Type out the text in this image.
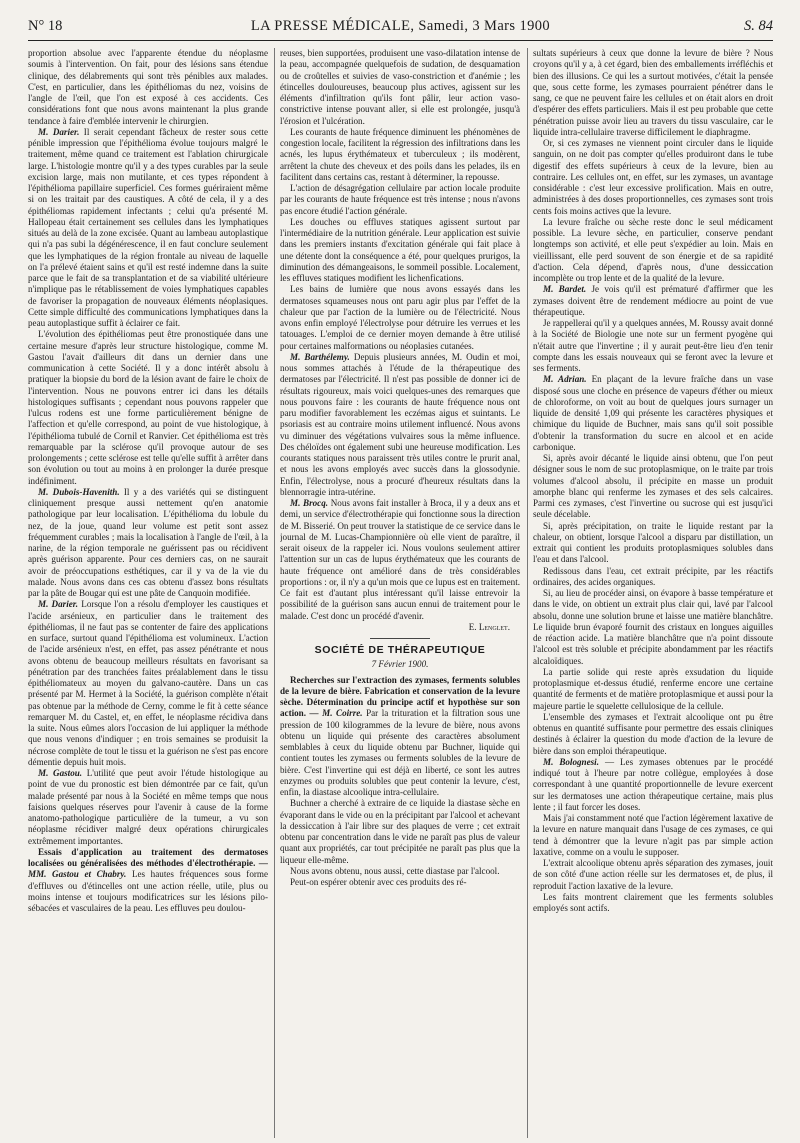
N° 18	LA PRESSE MÉDICALE, Samedi, 3 Mars 1900	S. 84

proportion absolue avec l'apparente étendue du néoplasme soumis à l'intervention. On fait, pour des lésions sans étendue clinique, des délabrements qui sont très pénibles aux malades. C'est, en particulier, dans les épithéliomas du nez, voisins de l'angle de l'œil, que l'on est exposé à ces accidents. Ces considérations font que nous avons maintenant la plus grande tendance à faire d'emblée intervenir le chirurgien.

M. Darier. Il serait cependant fâcheux de rester sous cette pénible impression que l'épithélioma évolue toujours malgré le traitement, même quand ce traitement est l'ablation chirurgicale large. L'histologie montre qu'il y a des types curables par la seule excision large, mais non mutilante, et ces types répondent à l'épithélioma papillaire superficiel. Ces formes guériraient même si on les traitait par des caustiques. A côté de cela, il y a des épithéliomas rapidement infectants ; celui qu'a présenté M. Hallopeau était certainement ses cellules dans les lymphatiques situés au delà de la zone excisée. Quant au lambeau autoplastique qui n'a pas subi la dégénérescence, il en faut conclure seulement que les lymphatiques de la région frontale au niveau de laquelle on l'a prélevé étaient sains et qu'il est resté indemne dans la suite parce que le fait de sa transplantation et de sa viabilité ultérieure n'implique pas le rétablissement de voies lymphatiques capables de favoriser la propagation de nouveaux éléments néoplasiques. Cette simple difficulté des communications lymphatiques dans la peau autoplastique suffit à éclairer ce fait.

L'évolution des épithéliomas peut être pronostiquée dans une certaine mesure d'après leur structure histologique, comme M. Gastou l'avait d'ailleurs dit dans un dernier dans une communication à cette Société. Il y a donc intérêt absolu à pratiquer la biopsie du bord de la lésion avant de faire le choix de l'intervention. Nous ne pouvons entrer ici dans les détails histologiques suffisants ; cependant nous pouvons rappeler que l'ulcus rodens est une forme particulièrement bénigne de l'affection et qu'elle correspond, au point de vue histologique, à l'épithélioma tubulé de Cornil et Ranvier. Cet épithélioma est très remarquable par la sclérose qu'il provoque autour de ses prolongements ; cette sclérose est telle qu'elle suffit à arrêter dans son évolution ou tout au moins à en prolonger la durée presque indéfiniment.

M. Dubois-Havenith. Il y a des variétés qui se distinguent cliniquement presque aussi nettement qu'en anatomie pathologique par leur localisation. L'épithélioma du lobule du nez, de la joue, quand leur volume est petit sont assez fréquemment curables ; mais la localisation à l'angle de l'œil, à la narine, de la région temporale ne guérissent pas ou récidivent après guérison apparente. Pour ces derniers cas, on ne saurait avoir de préoccupations esthétiques, car il y va de la vie du malade. Nous avons dans ces cas obtenu d'assez bons résultats par la pâte de Bougar qui est une pâte de Canquoin modifiée.

M. Darier. Lorsque l'on a résolu d'employer les caustiques et l'acide arsénieux, en particulier dans le traitement des épithéliomas, il ne faut pas se contenter de faire des applications en surface, surtout quand l'épithélioma est volumineux. L'action de l'acide arsénieux n'est, en effet, pas assez pénétrante et nous avons obtenu de beaucoup meilleurs résultats en favorisant sa pénétration par des tranchées faites préalablement dans le tissu épithéliomateux au moyen du galvano-cautère. Dans un cas présenté par M. Hermet à la Société, la guérison complète n'était pas obtenue par la méthode de Cerny, comme le fit à cette séance remarquer M. du Castel, et, en effet, le néoplasme récidiva dans la suite. Nous eûmes alors l'occasion de lui appliquer la méthode que nous venons d'indiquer ; en trois semaines se produisit la nécrose complète de tout le tissu et la guérison ne s'est pas encore démentie depuis huit mois.

M. Gastou. L'utilité que peut avoir l'étude histologique au point de vue du pronostic est bien démontrée par ce fait, qu'un malade présenté par nous à la Société en même temps que nous faisions quelques réserves pour l'avenir à cause de la forme anatomo-pathologique particulière de la tumeur, a vu son néoplasme récidiver malgré deux opérations chirurgicales extrêmement importantes.

Essais d'application au traitement des dermatoses localisées ou généralisées des méthodes d'électrothérapie. — MM. Gastou et Chabry. Les hautes fréquences sous forme d'effluves ou d'étincelles ont une action réelle, utile, plus ou moins intense et toujours modificatrices sur les lésions pilo-sébacées et vasculaires de la peau. Les effluves peu doulou-

reuses, bien supportées, produisent une vaso-dilatation intense de la peau, accompagnée quelquefois de sudation, de desquamation ou de croûtelles et suivies de vaso-constriction et d'anémie ; les étincelles douloureuses, beaucoup plus actives, agissent sur les éléments d'infiltration qu'ils font pâlir, leur action vaso-constrictive intense pouvant aller, si elle est prolongée, jusqu'à l'érosion et l'ulcération.

Les courants de haute fréquence diminuent les phénomènes de congestion locale, facilitent la régression des infiltrations dans les acnés, les lupus érythémateux et tuberculeux ; ils modèrent, arrêtent la chute des cheveux et des poils dans les pelades, ils en facilitent dans certains cas, restant à déterminer, la repousse.

L'action de désagrégation cellulaire par action locale produite par les courants de haute fréquence est très intense ; nous n'avons pas encore étudié l'action générale.

Les douches ou effluves statiques agissent surtout par l'intermédiaire de la nutrition générale. Leur application est suivie dans les premiers instants d'excitation générale qui fait place à une détente dont la conséquence a été, pour quelques prurigos, la diminution des démangeaisons, le sommeil possible. Localement, les effluves statiques modifient les lichenfications.

Les bains de lumière que nous avons essayés dans les dermatoses squameuses nous ont paru agir plus par l'effet de la chaleur que par l'action de la lumière ou de l'électricité. Nous avons enfin employé l'électrolyse pour détruire les verrues et les tatouages. L'emploi de ce dernier moyen demande à être utilisé pour certaines malformations ou néoplasies cutanées.

M. Barthélemy. Depuis plusieurs années, M. Oudin et moi, nous sommes attachés à l'étude de la thérapeutique des dermatoses par l'électricité. Il n'est pas possible de donner ici de résultats rigoureux, mais voici quelques-unes des remarques que nous pouvons faire : les courants de haute fréquence nous ont paru modifier favorablement les eczémas aigus et suintants. Le psoriasis est au contraire moins utilement influencé. Nous avons vu diminuer des végétations vulvaires sous la même influence. Des chéloïdes ont également subi une heureuse modification. Les courants statiques nous paraissent très utiles contre le prurit anal, et nous les avons employés avec succès dans la glossodynie. Enfin, l'électrolyse, nous a procuré d'heureux résultats dans la blennorragie intra-utérine.

M. Brocq. Nous avons fait installer à Broca, il y a deux ans et demi, un service d'électrothérapie qui fonctionne sous la direction de M. Bisserié. On peut trouver la statistique de ce service dans le journal de M. Lucas-Championnière où elle vient de paraître, il serait oiseux de la rappeler ici. Nous voulons seulement attirer l'attention sur un cas de lupus érythémateux que les courants de haute fréquence ont amélioré dans de très considérables proportions : or, il n'y a qu'un mois que ce lupus est en traitement. Ce fait est d'autant plus intéressant qu'il laisse entrevoir la possibilité de la guérison sans aucun ennui de traitement pour le malade. C'est donc un procédé d'avenir.

E. Lenglet.
SOCIÉTÉ DE THÉRAPEUTIQUE
7 Février 1900.

Recherches sur l'extraction des zymases, ferments solubles de la levure de bière. Fabrication et conservation de la levure sèche. Détermination du principe actif et hypothèse sur son action. — M. Coirre. Par la trituration et la filtration sous une pression de 100 kilogrammes de la levure de bière, nous avons obtenu un liquide qui présente des caractères absolument semblables à ceux du liquide obtenu par Buchner, liquide qui contient toutes les zymases ou ferments solubles de la levure de bière. C'est l'invertine qui est déjà en liberté, ce sont les autres enzymes ou produits solubles que peut contenir la levure, c'est, enfin, la diastase alcoolique intra-cellulaire.

Buchner a cherché à extraire de ce liquide la diastase sèche en évaporant dans le vide ou en la précipitant par l'alcool et achevant la dessiccation à l'air libre sur des plaques de verre ; cet extrait obtenu par concentration dans le vide ne paraît pas plus de valeur quant aux propriétés, car tout précipitée ne paraît pas plus que la liqueur elle-même.

Nous avons obtenu, nous aussi, cette diastase par l'alcool.

Peut-on espérer obtenir avec ces produits des ré-

sultats supérieurs à ceux que donne la levure de bière ? Nous croyons qu'il y a, à cet égard, bien des emballements irréfléchis et bien des illusions. Ce qui les a surtout motivées, c'était la pensée que, sous cette forme, les zymases pourraient pénétrer dans le sang, ce que ne peuvent faire les cellules et on était alors en droit d'espérer des effets particuliers. Mais il est peu probable que cette pénétration puisse avoir lieu au travers du tissu vasculaire, car le liquide intra-cellulaire traverse difficilement le diaphragme.

Or, si ces zymases ne viennent point circuler dans le liquide sanguin, on ne doit pas compter qu'elles produiront dans le tube digestif des effets supérieurs à ceux de la levure, bien au contraire. Les cellules ont, en effet, sur les zymases, un avantage considérable : c'est leur excessive prolification. Mais en outre, administrées à des doses proportionnelles, ces zymases sont trois cents fois moins actives que la levure.

La levure fraîche ou sèche reste donc le seul médicament possible. La levure sèche, en particulier, conserve pendant longtemps son activité, et elle peut s'expédier au loin. Mais en vieillissant, elle perd souvent de son énergie et de sa rapidité d'action. Cela dépend, d'après nous, d'une dessiccation incomplète ou trop lente et de la qualité de la levure.

M. Bardet. Je vois qu'il est prématuré d'affirmer que les zymases doivent être de rendement médiocre au point de vue thérapeutique.

Je rappellerai qu'il y a quelques années, M. Roussy avait donné à la Société de Biologie une note sur un ferment pyogène qui n'était autre que l'invertine ; il y aurait peut-être lieu d'en tenir compte dans les essais nouveaux qui se feront avec la levure et ses ferments.

M. Adrian. En plaçant de la levure fraîche dans un vase disposé sous une cloche en présence de vapeurs d'éther ou mieux de chloroforme, on voit au bout de quelques jours surnager un liquide de densité 1,09 qui présente les caractères physiques et chimique du liquide de Buchner, mais sans qu'il soit possible d'obtenir la transformation du sucre en alcool et en acide carbonique.

Si, après avoir décanté le liquide ainsi obtenu, que l'on peut désigner sous le nom de suc protoplasmique, on le traite par trois volumes d'alcool absolu, il précipite en masse un produit amorphe blanc qui renferme les zymases et des sels calcaires. Parmi ces zymases, c'est l'invertine ou sucrose qui est jusqu'ici seule décelable.

Si, après précipitation, on traite le liquide restant par la chaleur, on obtient, lorsque l'alcool a disparu par distillation, un extrait qui contient les produits protoplasmiques solubles dans l'eau et dans l'alcool.

Redissous dans l'eau, cet extrait précipite, par les réactifs ordinaires, des acides organiques.

Si, au lieu de procéder ainsi, on évapore à basse température et dans le vide, on obtient un extrait plus clair qui, lavé par l'alcool absolu, donne une solution brune et laisse une matière blanchâtre. Le liquide brun évaporé fournit des cristaux en longues aiguilles de réaction acide. La matière blanchâtre que n'a point dissoute l'alcool est très soluble et précipite abondamment par les réactifs alcaloïdiques.

La partie solide qui reste après exsudation du liquide protoplasmique et-dessus étudié, renferme encore une certaine quantité de ferments et de matière protoplasmique et aussi pour la majeure partie le squelette cellulosique de la cellule.

L'ensemble des zymases et l'extrait alcoolique ont pu être obtenus en quantité suffisante pour permettre des essais cliniques destinés à éclairer la question du mode d'action de la levure de bière dans son emploi thérapeutique.

M. Bolognesi. — Les zymases obtenues par le procédé indiqué tout à l'heure par notre collègue, employées à dose correspondant à une quantité proportionnelle de levure exercent sur les dermatoses une action thérapeutique certaine, mais plus lente ; il faut forcer les doses.

Mais j'ai constamment noté que l'action légèrement laxative de la levure en nature manquait dans l'usage de ces zymases, ce qui tend à démontrer que la levure n'agit pas par simple action laxative, comme on a voulu le supposer.

L'extrait alcoolique obtenu après séparation des zymases, jouit de son côté d'une action réelle sur les dermatoses et, de plus, il reproduit l'action laxative de la levure.

Les faits montrent clairement que les ferments solubles employés sont actifs.
